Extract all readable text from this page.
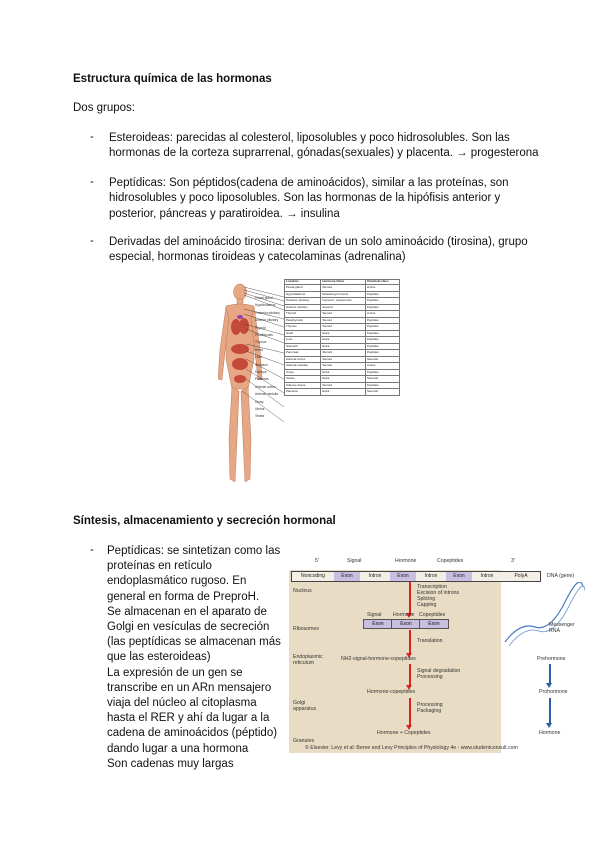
Estructura química de las hormonas
Dos grupos:
- Esteroideas: parecidas al colesterol, liposolubles y poco hidrosolubles. Son las
hormonas de la corteza suprarrenal, gónadas(sexuales) y placenta. → progesterona
- Peptídicas: Son péptidos(cadena de aminoácidos), similar a las proteínas, son
hidrosolubles y poco liposolubles. Son las hormonas de la hipófisis anterior y
posterior, páncreas y paratiroidea. → insulina
- Derivadas del aminoácido tirosina: derivan de un solo aminoácido (tirosina), grupo
especial, hormonas tiroideas y catecolaminas (adrenalina)
Location	Hormone Class	Chemical class
Pineal gland	Steroid	Amine
Hypothalamus	Releasing hormone	Peptides
Posterior pituitary	Oxytocin, vasopressin	Peptides
Anterior pituitary	Several	Peptides
Thyroid	Steroid	Amine
Parathyroids	Steroid	Peptides
Thymus	Steroid	Peptides
Heart	Extra	Peptides
Liver	Extra	Peptides
Stomach	Extra	Peptides
Pancreas	Steroid	Peptides
Adrenal cortex	Steroid	Steroids
Adrenal medulla	Steroid	Amine
Ovary	Extra	Peptides
Testes	Extra	Steroids
Adipose tissue	Steroid	Peptides
Placenta	Extra	Steroids
Pineal gland
Hypothalamus
Posterior pituitary
Anterior pituitary
Thyroid
Parathyroids
Thymus
Heart
Liver
Stomach
Kidneys
Pancreas
Adrenal cortex
Adrenal medulla
Ovary
Uterus
Testes
Síntesis, almacenamiento y secreción hormonal
- Peptídicas: se sintetizan como las
proteínas en retículo
endoplasmático rugoso. En
general en forma de PreproH.
Se almacenan en el aparato de
Golgi en vesículas de secreción
(las peptídicas se almacenan más
que las esteroideas)
La expresión de un gen se
transcribe en un ARn mensajero
viaja del núcleo al citoplasma
hasta el RER y ahí da lugar a la
cadena de aminoácidos (péptido)
dando lugar a una hormona
Son cadenas muy largas
5'	Signal	Hormone	Copeptides	3'
Noncoding	Exon	Intron	Exon	Intron	Exon	Intron	PolyA	DNA (gene)
Nucleus
Ribosomes
Endoplasmic reticulum
Golgi apparatus
Granules
Transcription
Excision of introns
Splicing
Capping
Signal Hormone Copeptides
Exon	Exon	Exon
Translation
NH2-signal-hormone-copeptides
Signal degradation
Processing
Hormone-copeptides
Processing
Packaging
Hormone + Copeptides
Messenger RNA
Prehormone
Prohormone
Hormone
© Elsevier. Levy et al: Berne and Levy Principles of Physiology 4e - www.studentconsult.com
